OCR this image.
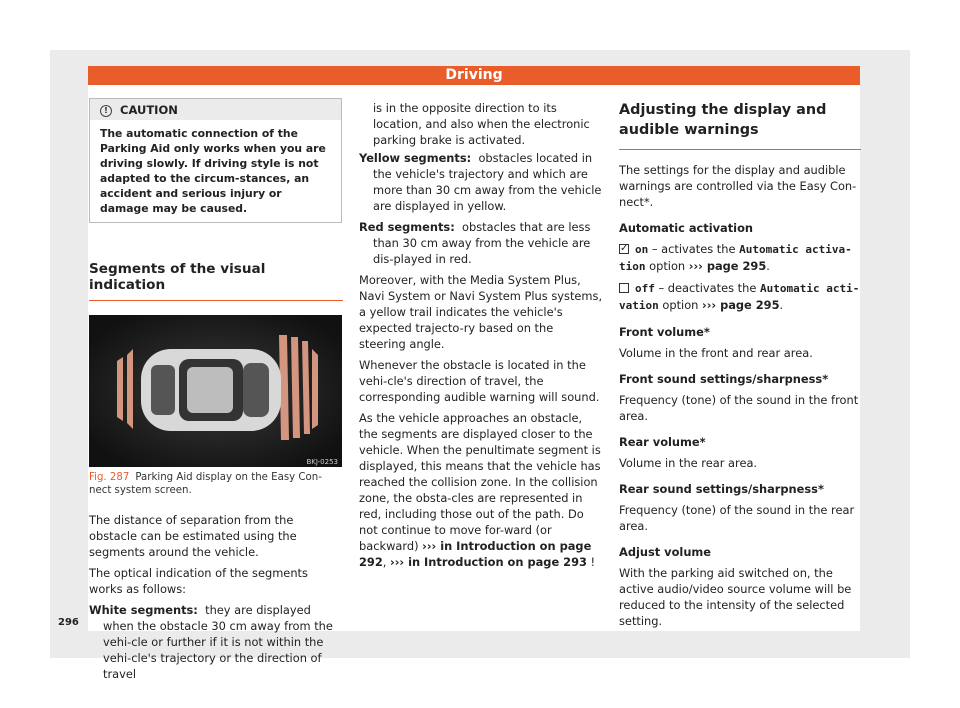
Driving
296
! CAUTION
The automatic connection of the Parking Aid only works when you are driving slowly. If driving style is not adapted to the circum-stances, an accident and serious injury or damage may be caused.
Segments of the visual indication
BKJ-0253
Fig. 287 Parking Aid display on the Easy Con-nect system screen.

The distance of separation from the obstacle can be estimated using the segments around the vehicle.

The optical indication of the segments works as follows:

White segments: they are displayed when the obstacle 30 cm away from the vehi-cle or further if it is not within the vehi-cle's trajectory or the direction of travel
is in the opposite direction to its location, and also when the electronic parking brake is activated.
Yellow segments: obstacles located in the vehicle's trajectory and which are more than 30 cm away from the vehicle are displayed in yellow.
Red segments: obstacles that are less than 30 cm away from the vehicle are dis-played in red.

Moreover, with the Media System Plus, Navi System or Navi System Plus systems, a yellow trail indicates the vehicle's expected trajecto-ry based on the steering angle.

Whenever the obstacle is located in the vehi-cle's direction of travel, the corresponding audible warning will sound.

As the vehicle approaches an obstacle, the segments are displayed closer to the vehicle. When the penultimate segment is displayed, this means that the vehicle has reached the collision zone. In the collision zone, the obsta-cles are represented in red, including those out of the path. Do not continue to move for-ward (or backward) ››› in Introduction on page 292, ››› in Introduction on page 293 !

Adjusting the display and audible warnings

The settings for the display and audible warnings are controlled via the Easy Con-nect*.

Automatic activation

✓on – activates the Automatic activa-tion option ››› page 295.

off – deactivates the Automatic acti-vation option ››› page 295.

Front volume*

Volume in the front and rear area.

Front sound settings/sharpness*

Frequency (tone) of the sound in the front area.

Rear volume*

Volume in the rear area.

Rear sound settings/sharpness*

Frequency (tone) of the sound in the rear area.

Adjust volume

With the parking aid switched on, the active audio/video source volume will be reduced to the intensity of the selected setting.
